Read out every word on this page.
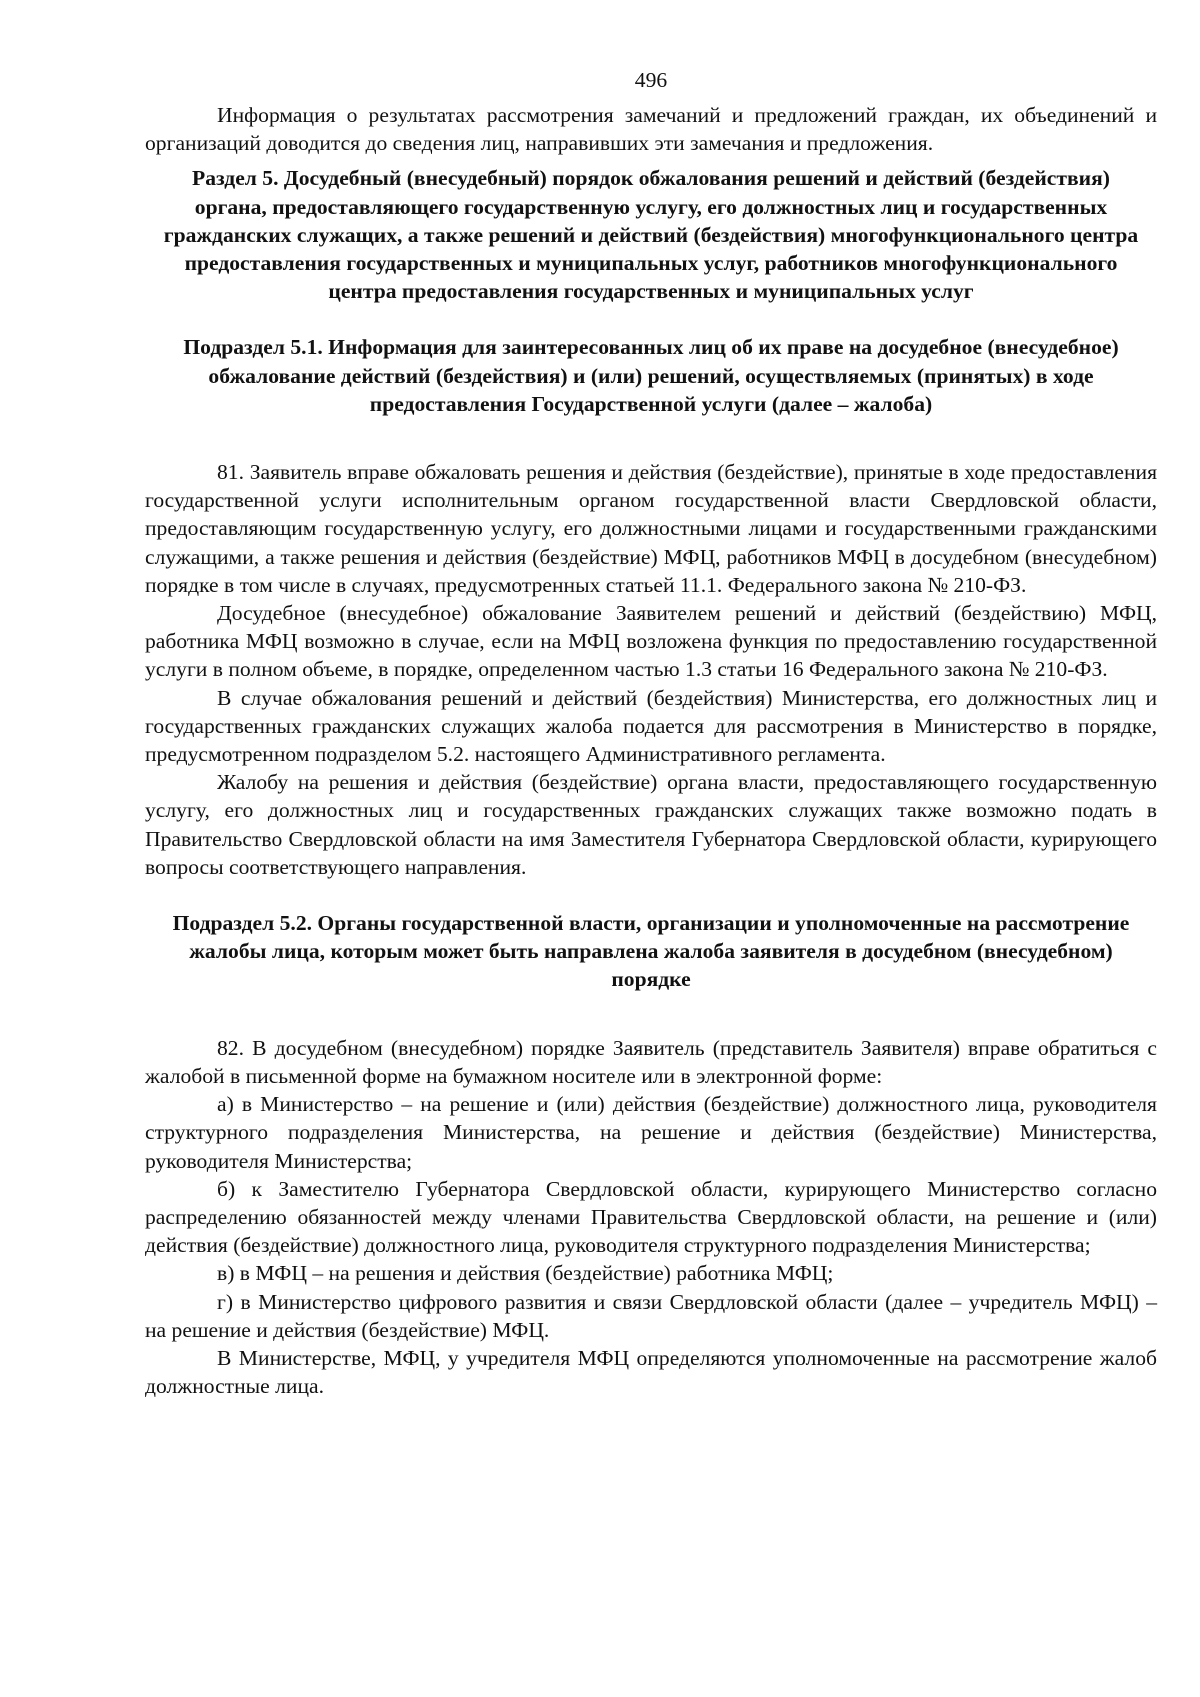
496

Информация о результатах рассмотрения замечаний и предложений граждан, их объединений и организаций доводится до сведения лиц, направивших эти замечания и предложения.

Раздел 5. Досудебный (внесудебный) порядок обжалования решений и действий (бездействия) органа, предоставляющего государственную услугу, его должностных лиц и государственных гражданских служащих, а также решений и действий (бездействия) многофункционального центра предоставления государственных и муниципальных услуг, работников многофункционального центра предоставления государственных и муниципальных услуг
Подраздел 5.1. Информация для заинтересованных лиц об их праве на досудебное (внесудебное) обжалование действий (бездействия) и (или) решений, осуществляемых (принятых) в ходе предоставления Государственной услуги (далее – жалоба)

81. Заявитель вправе обжаловать решения и действия (бездействие), принятые в ходе предоставления государственной услуги исполнительным органом государственной власти Свердловской области, предоставляющим государственную услугу, его должностными лицами и государственными гражданскими служащими, а также решения и действия (бездействие) МФЦ, работников МФЦ в досудебном (внесудебном) порядке в том числе в случаях, предусмотренных статьей 11.1. Федерального закона № 210-ФЗ.

Досудебное (внесудебное) обжалование Заявителем решений и действий (бездействию) МФЦ, работника МФЦ возможно в случае, если на МФЦ возложена функция по предоставлению государственной услуги в полном объеме, в порядке, определенном частью 1.3 статьи 16 Федерального закона № 210-ФЗ.

В случае обжалования решений и действий (бездействия) Министерства, его должностных лиц и государственных гражданских служащих жалоба подается для рассмотрения в Министерство в порядке, предусмотренном подразделом 5.2. настоящего Административного регламента.

Жалобу на решения и действия (бездействие) органа власти, предоставляющего государственную услугу, его должностных лиц и государственных гражданских служащих также возможно подать в Правительство Свердловской области на имя Заместителя Губернатора Свердловской области, курирующего вопросы соответствующего направления.

Подраздел 5.2. Органы государственной власти, организации и уполномоченные на рассмотрение жалобы лица, которым может быть направлена жалоба заявителя в досудебном (внесудебном) порядке

82. В досудебном (внесудебном) порядке Заявитель (представитель Заявителя) вправе обратиться с жалобой в письменной форме на бумажном носителе или в электронной форме:

а) в Министерство – на решение и (или) действия (бездействие) должностного лица, руководителя структурного подразделения Министерства, на решение и действия (бездействие) Министерства, руководителя Министерства;

б) к Заместителю Губернатора Свердловской области, курирующего Министерство согласно распределению обязанностей между членами Правительства Свердловской области, на решение и (или) действия (бездействие) должностного лица, руководителя структурного подразделения Министерства;

в) в МФЦ – на решения и действия (бездействие) работника МФЦ;

г) в Министерство цифрового развития и связи Свердловской области (далее – учредитель МФЦ) – на решение и действия (бездействие) МФЦ.

В Министерстве, МФЦ, у учредителя МФЦ определяются уполномоченные на рассмотрение жалоб должностные лица.
